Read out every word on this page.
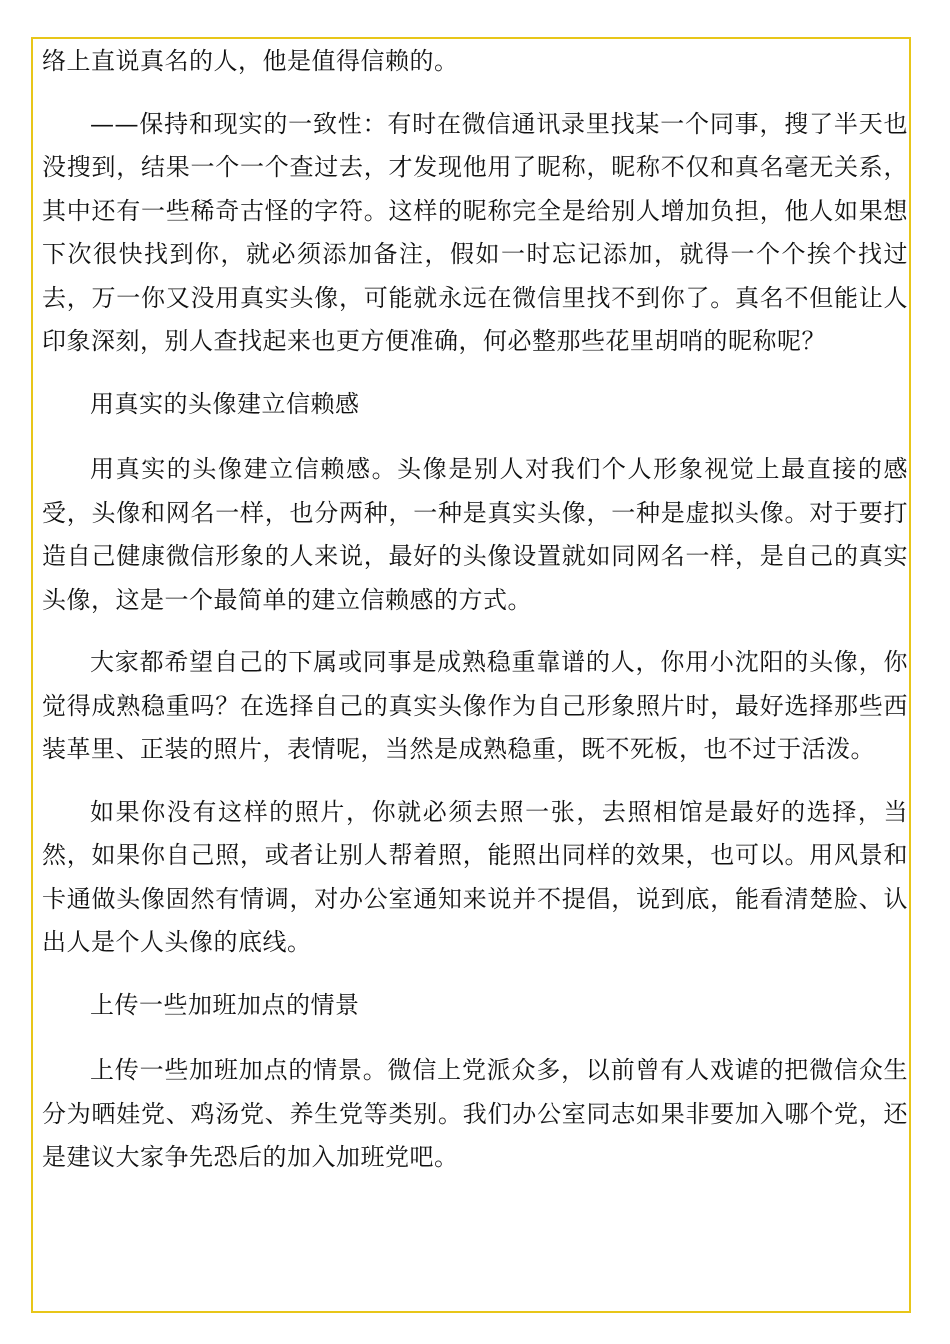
络上直说真名的人，他是值得信赖的。

——保持和现实的一致性：有时在微信通讯录里找某一个同事，搜了半天也没搜到，结果一个一个查过去，才发现他用了昵称，昵称不仅和真名毫无关系，其中还有一些稀奇古怪的字符。这样的昵称完全是给别人增加负担，他人如果想下次很快找到你，就必须添加备注，假如一时忘记添加，就得一个个挨个找过去，万一你又没用真实头像，可能就永远在微信里找不到你了。真名不但能让人印象深刻，别人查找起来也更方便准确，何必整那些花里胡哨的昵称呢？

用真实的头像建立信赖感

用真实的头像建立信赖感。头像是别人对我们个人形象视觉上最直接的感受，头像和网名一样，也分两种，一种是真实头像，一种是虚拟头像。对于要打造自己健康微信形象的人来说，最好的头像设置就如同网名一样，是自己的真实头像，这是一个最简单的建立信赖感的方式。

大家都希望自己的下属或同事是成熟稳重靠谱的人，你用小沈阳的头像，你觉得成熟稳重吗？在选择自己的真实头像作为自己形象照片时，最好选择那些西装革里、正装的照片，表情呢，当然是成熟稳重，既不死板，也不过于活泼。

如果你没有这样的照片，你就必须去照一张，去照相馆是最好的选择，当然，如果你自己照，或者让别人帮着照，能照出同样的效果，也可以。用风景和卡通做头像固然有情调，对办公室通知来说并不提倡，说到底，能看清楚脸、认出人是个人头像的底线。

上传一些加班加点的情景

上传一些加班加点的情景。微信上党派众多，以前曾有人戏谑的把微信众生分为晒娃党、鸡汤党、养生党等类别。我们办公室同志如果非要加入哪个党，还是建议大家争先恐后的加入加班党吧。
